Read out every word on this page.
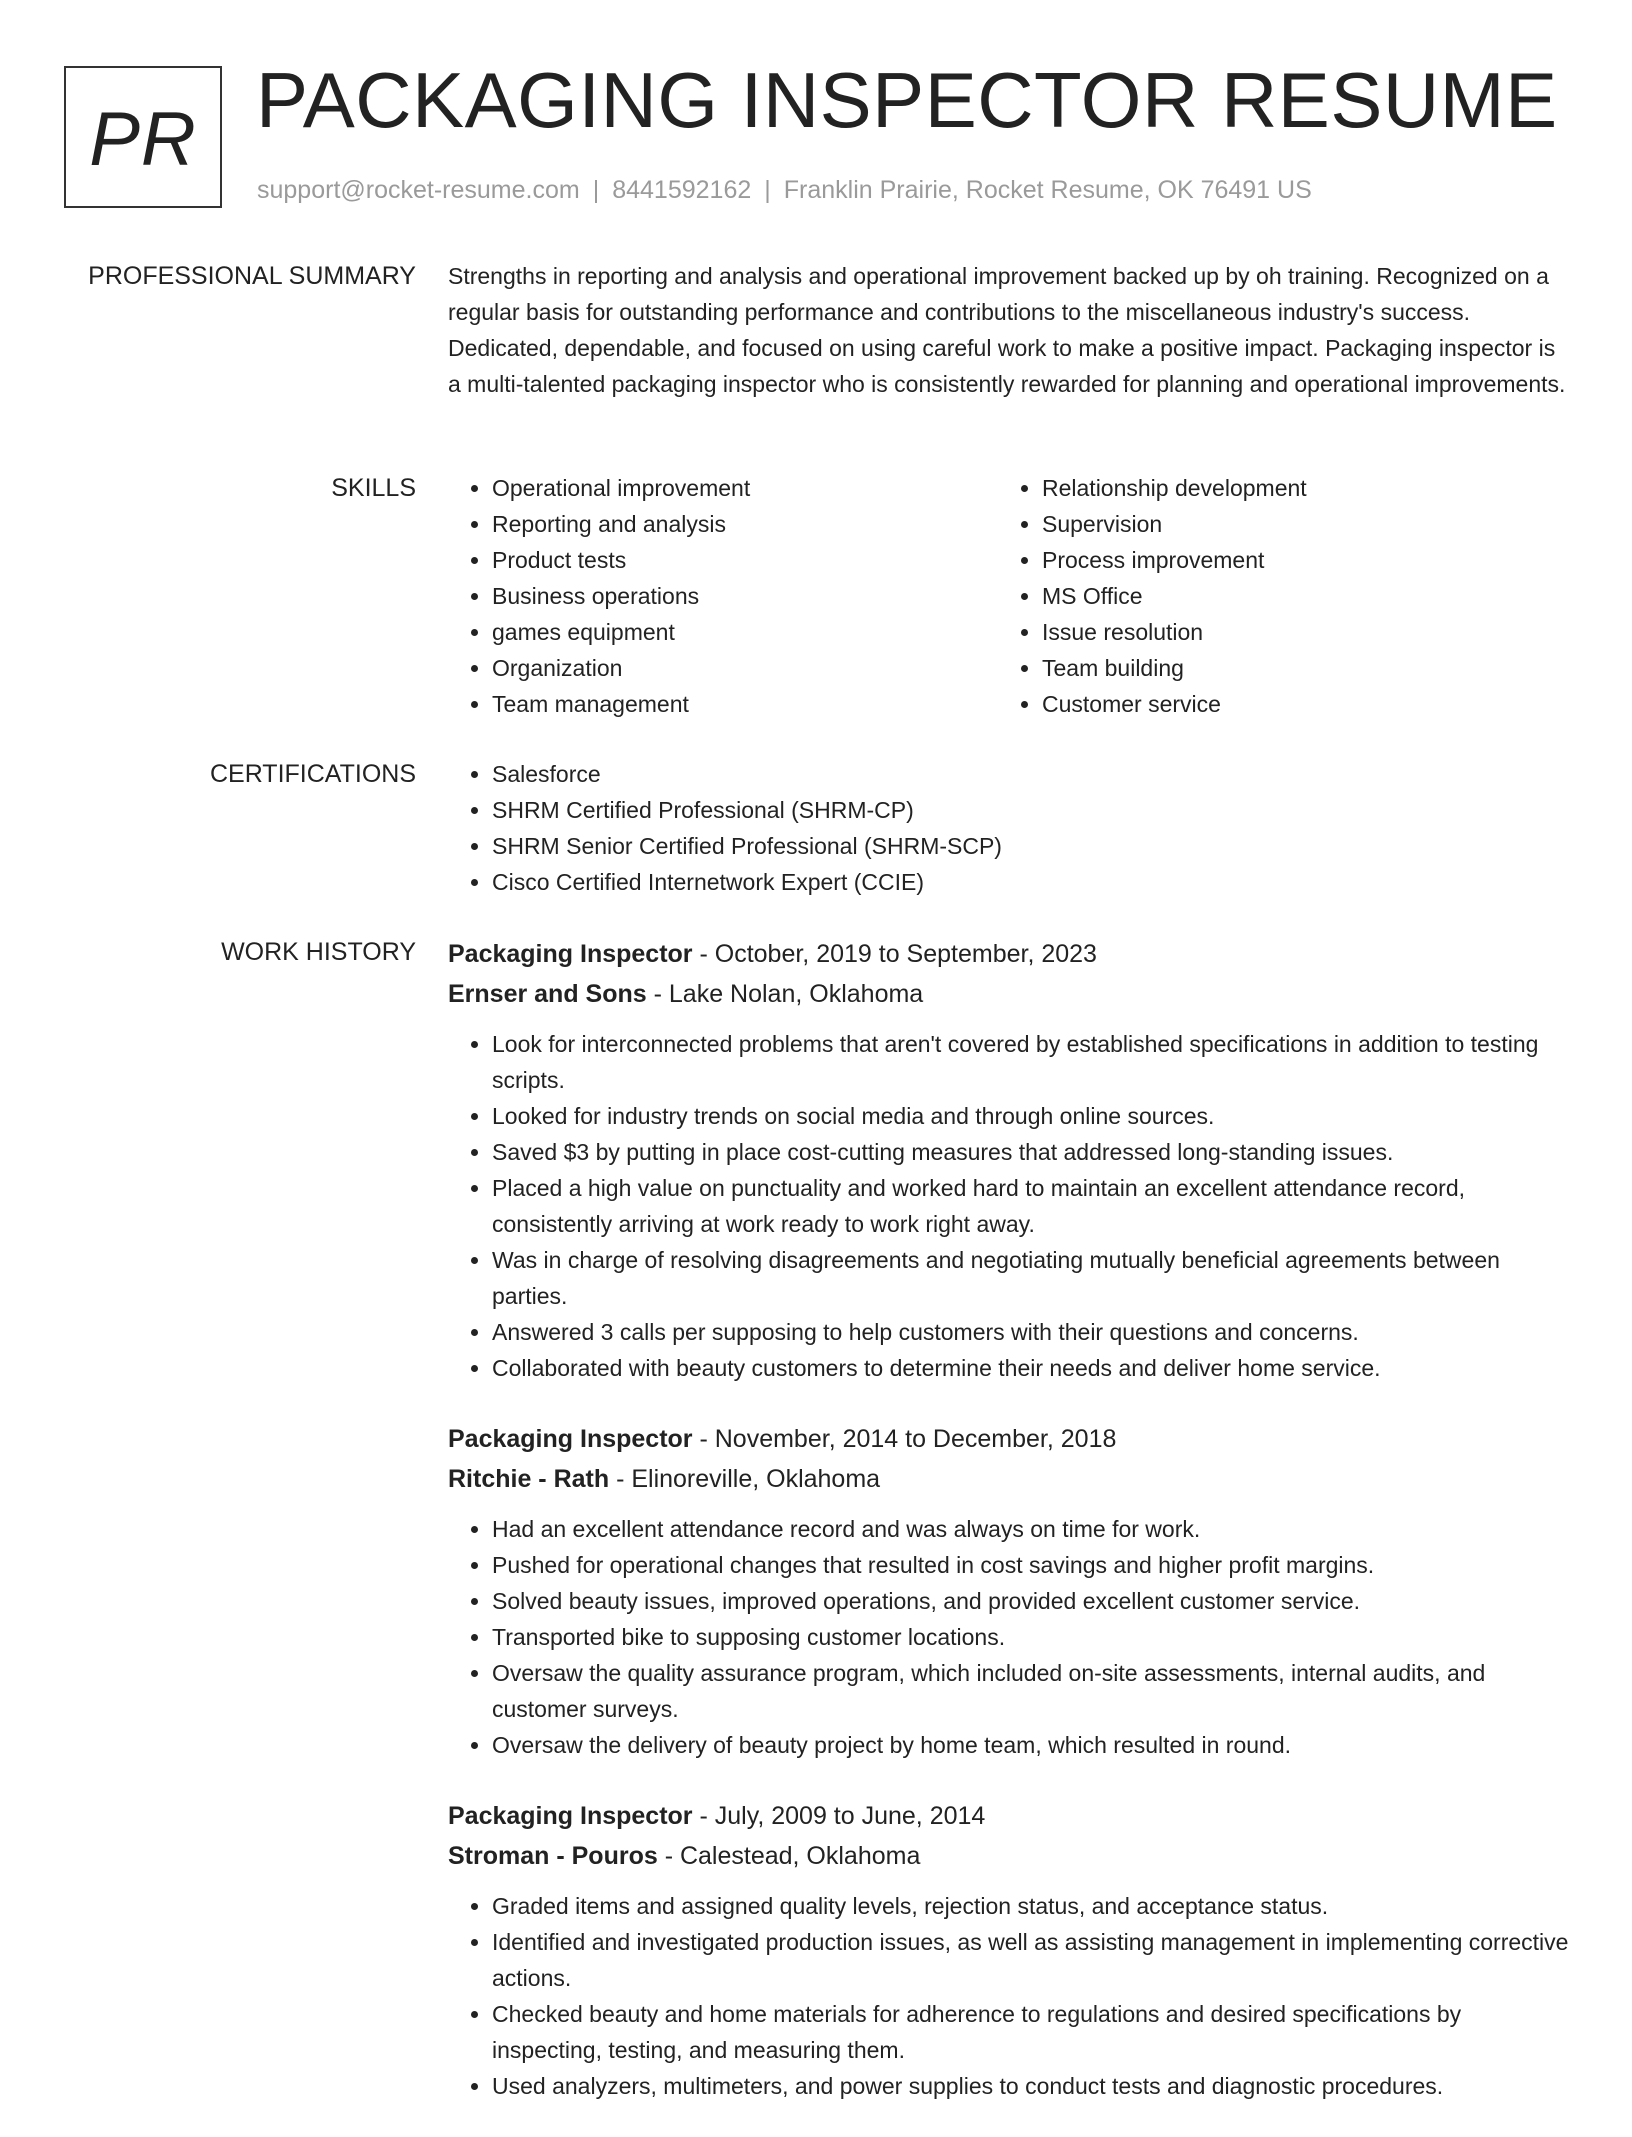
PR PACKAGING INSPECTOR RESUME
support@rocket-resume.com | 8441592162 | Franklin Prairie, Rocket Resume, OK 76491 US
PROFESSIONAL SUMMARY Strengths in reporting and analysis and operational improvement backed up by oh training. Recognized on a regular basis for outstanding performance and contributions to the miscellaneous industry's success. Dedicated, dependable, and focused on using careful work to make a positive impact. Packaging inspector is a multi-talented packaging inspector who is consistently rewarded for planning and operational improvements.

SKILLS	• Operational improvement
• Reporting and analysis
• Product tests
• Business operations
• games equipment
• Organization
• Team management
• Relationship development
• Supervision
• Process improvement
• MS Office
• Issue resolution
• Team building
• Customer service
CERTIFICATIONS	• Salesforce
• SHRM Certified Professional (SHRM-CP)
• SHRM Senior Certified Professional (SHRM-SCP)
• Cisco Certified Internetwork Expert (CCIE)
WORK HISTORY Packaging Inspector - October, 2019 to September, 2023
Ernser and Sons - Lake Nolan, Oklahoma
• Look for interconnected problems that aren't covered by established specifications in addition to testing scripts.
• Looked for industry trends on social media and through online sources.
• Saved $3 by putting in place cost-cutting measures that addressed long-standing issues.
• Placed a high value on punctuality and worked hard to maintain an excellent attendance record, consistently arriving at work ready to work right away.
• Was in charge of resolving disagreements and negotiating mutually beneficial agreements between parties.
• Answered 3 calls per supposing to help customers with their questions and concerns.
• Collaborated with beauty customers to determine their needs and deliver home service.
Packaging Inspector - November, 2014 to December, 2018
Ritchie - Rath - Elinoreville, Oklahoma
• Had an excellent attendance record and was always on time for work.
• Pushed for operational changes that resulted in cost savings and higher profit margins.
• Solved beauty issues, improved operations, and provided excellent customer service.
• Transported bike to supposing customer locations.
• Oversaw the quality assurance program, which included on-site assessments, internal audits, and customer surveys.
• Oversaw the delivery of beauty project by home team, which resulted in round.
Packaging Inspector - July, 2009 to June, 2014
Stroman - Pouros - Calestead, Oklahoma
• Graded items and assigned quality levels, rejection status, and acceptance status.
• Identified and investigated production issues, as well as assisting management in implementing corrective actions.
• Checked beauty and home materials for adherence to regulations and desired specifications by inspecting, testing, and measuring them.
• Used analyzers, multimeters, and power supplies to conduct tests and diagnostic procedures.
